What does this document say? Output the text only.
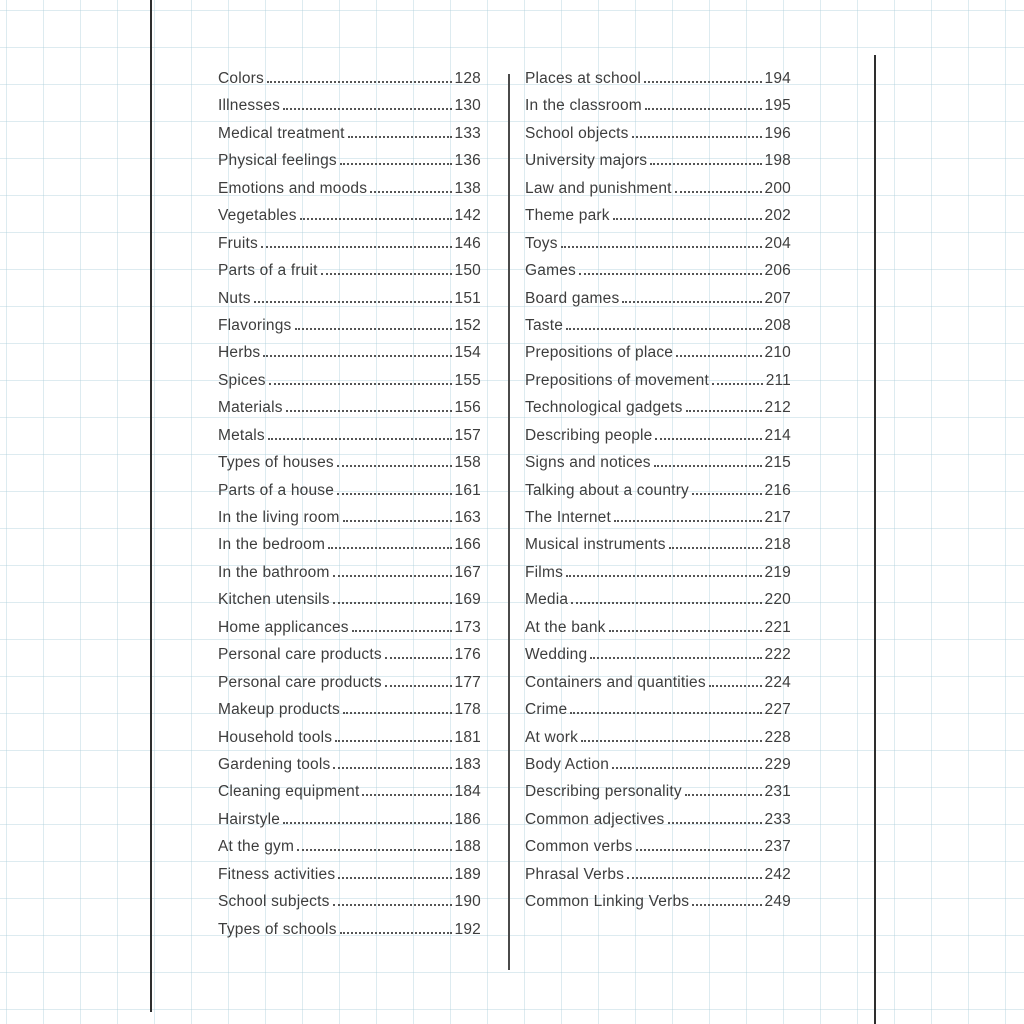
Colors	128
Illnesses	130
Medical treatment	133
Physical feelings	136
Emotions and moods	138
Vegetables	142
Fruits	146
Parts of a fruit	150
Nuts	151
Flavorings	152
Herbs	154
Spices	155
Materials	156
Metals	157
Types of houses	158
Parts of a house	161
In the living room	163
In the bedroom	166
In the bathroom	167
Kitchen utensils	169
Home applicances	173
Personal care products	176
Personal care products	177
Makeup products	178
Household tools	181
Gardening tools	183
Cleaning equipment	184
Hairstyle	186
At the gym	188
Fitness activities	189
School subjects	190
Types of schools	192
Places at school	194
In the classroom	195
School objects	196
University majors	198
Law and punishment	200
Theme park	202
Toys	204
Games	206
Board games	207
Taste	208
Prepositions of place	210
Prepositions of movement	211
Technological gadgets	212
Describing people	214
Signs and notices	215
Talking about a country	216
The Internet	217
Musical instruments	218
Films	219
Media	220
At the bank	221
Wedding	222
Containers and quantities	224
Crime	227
At work	228
Body Action	229
Describing personality	231
Common adjectives	233
Common verbs	237
Phrasal Verbs	242
Common Linking Verbs	249
